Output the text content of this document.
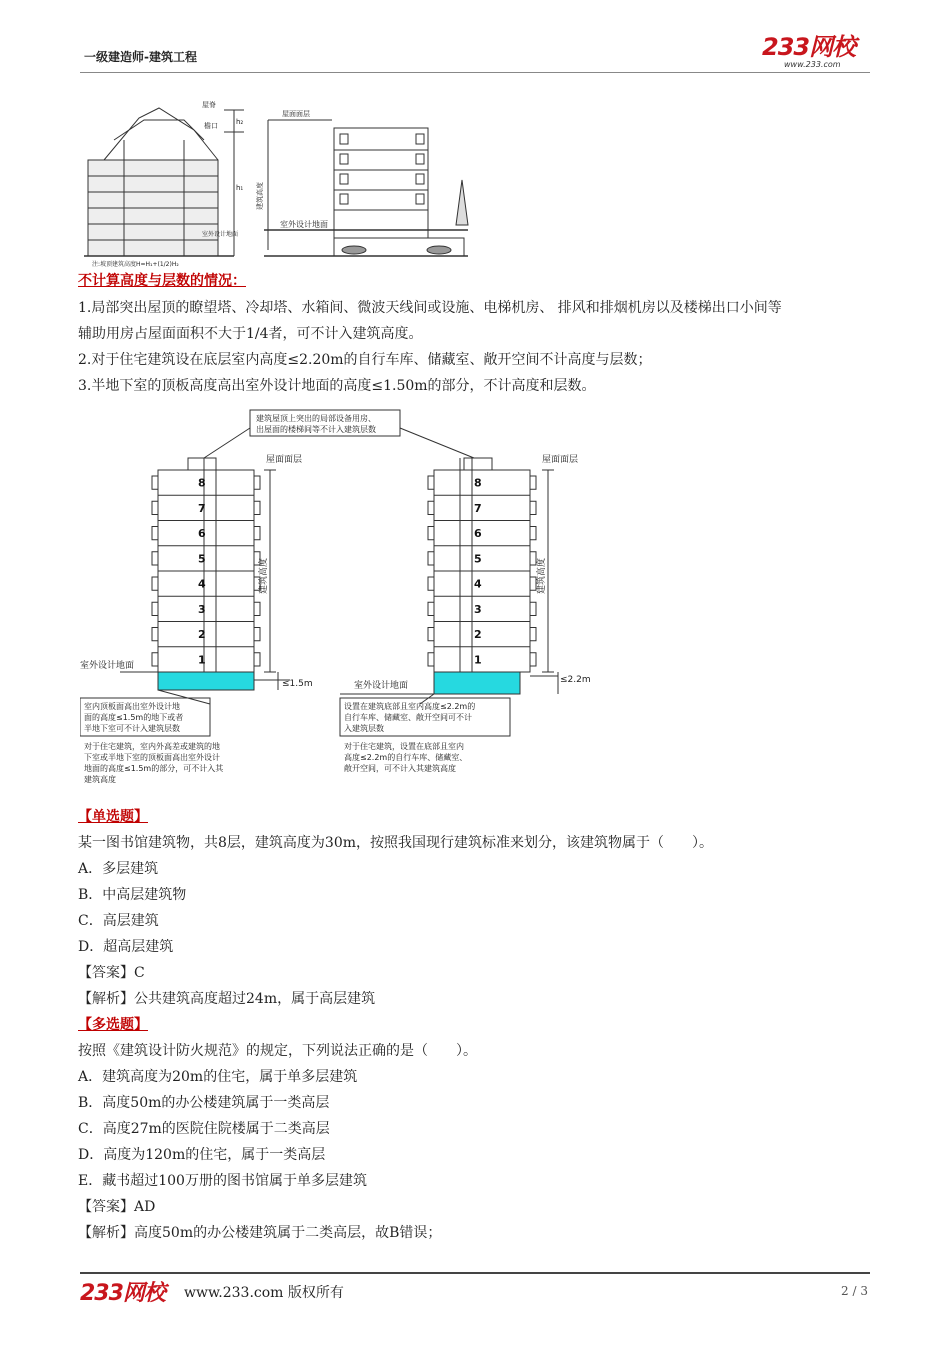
一级建造师-建筑工程	233网校
www.233.com
屋脊
檐口	h₂
h₁
室外设计地面
注:坡顶建筑高度H=H₁+(1/2)H₂
屋面面层
建筑高度
室外设计地面
不计算高度与层数的情况：
1.局部突出屋顶的瞭望塔、冷却塔、水箱间、微波天线间或设施、电梯机房、 排风和排烟机房以及楼梯出口小间等
辅助用房占屋面面积不大于1/4者，可不计入建筑高度。
2.对于住宅建筑设在底层室内高度≤2.20m的自行车库、储藏室、敞开空间不计高度与层数；
3.半地下室的顶板高度高出室外设计地面的高度≤1.50m的部分，不计高度和层数。
建筑屋顶上突出的局部设备用房、
出屋面的楼梯间等不计入建筑层数
8
7
6
5
4
3
2
1
屋面面层
建筑高度
室外设计地面
≤1.5m
室内顶板面高出室外设计地面的高度≤1.5m的地下或者半地下室可不计入建筑层数
对于住宅建筑，室内外高差或建筑的地下室或半地下室的顶板面高出室外设计地面的高度≤1.5m的部分，可不计入其建筑高度
8
7
6
5
4
3
2
1
屋面面层
建筑高度
室外设计地面
≤2.2m
设置在建筑底部且室内高度≤2.2m的自行车库、储藏室、敞开空间可不计入建筑层数
对于住宅建筑，设置在底部且室内高度≤2.2m的自行车库、储藏室、敞开空间，可不计入其建筑高度
【单选题】
某一图书馆建筑物，共8层，建筑高度为30m，按照我国现行建筑标准来划分，该建筑物属于（　　）。
A．多层建筑
B．中高层建筑物
C．高层建筑
D．超高层建筑
【答案】C
【解析】公共建筑高度超过24m，属于高层建筑
【多选题】
按照《建筑设计防火规范》的规定，下列说法正确的是（　　）。
A．建筑高度为20m的住宅，属于单多层建筑
B．高度50m的办公楼建筑属于一类高层
C．高度27m的医院住院楼属于二类高层
D．高度为120m的住宅，属于一类高层
E．藏书超过100万册的图书馆属于单多层建筑
【答案】AD
【解析】高度50m的办公楼建筑属于二类高层，故B错误；
233网校 www.233.com 版权所有	2 / 3
